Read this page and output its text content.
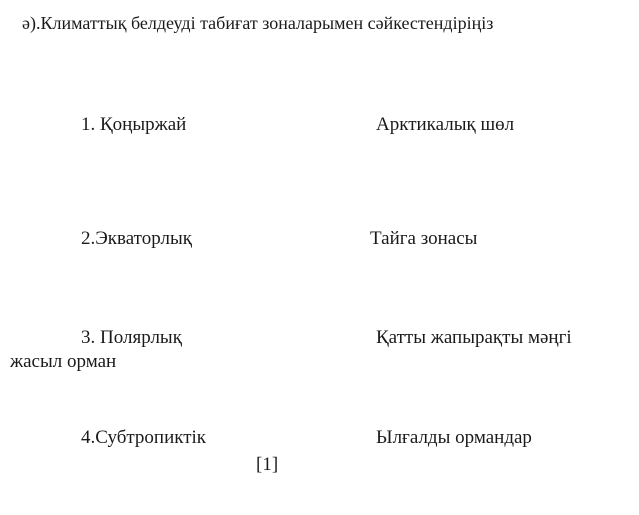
ә).Климаттық белдеуді табиғат зоналарымен сәйкестендіріңіз
1. Қоңыржай
2.Экваторлық
3. Полярлық
4.Субтропиктік
Арктикалық шөл
Тайга зонасы
Қатты жапырақты мәңгі
жасыл орман
Ылғалды ормандар
[1]
